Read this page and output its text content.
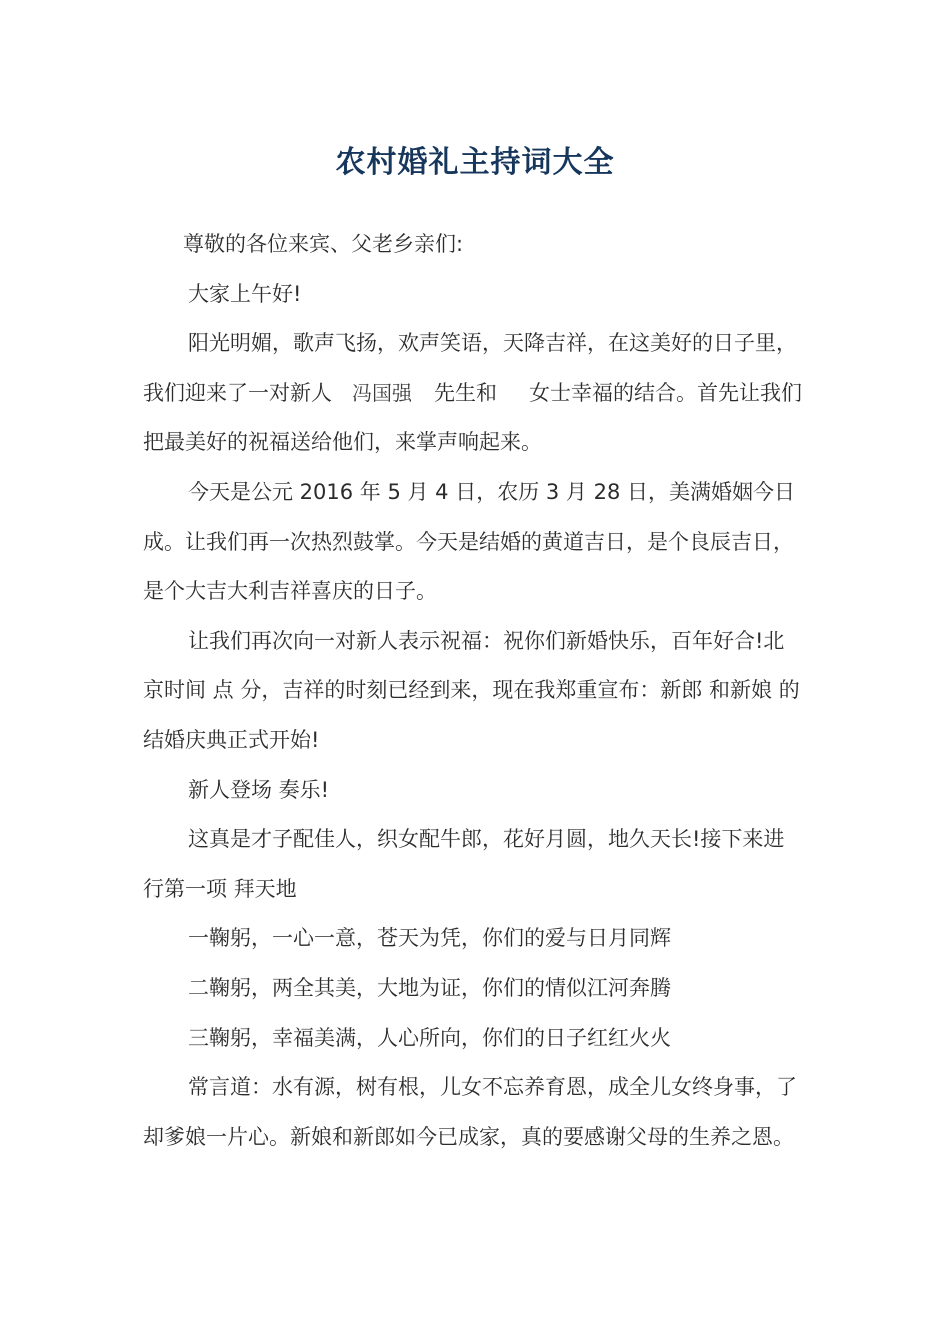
农村婚礼主持词大全

尊敬的各位来宾、父老乡亲们:

大家上午好!

阳光明媚，歌声飞扬，欢声笑语，天降吉祥，在这美好的日子里，我们迎来了一对新人 冯国强 先生和 女士幸福的结合。首先让我们把最美好的祝福送给他们，来掌声响起来。

今天是公元 2016 年 5 月 4 日，农历 3 月 28 日，美满婚姻今日成。让我们再一次热烈鼓掌。今天是结婚的黄道吉日，是个良辰吉日，是个大吉大利吉祥喜庆的日子。

让我们再次向一对新人表示祝福：祝你们新婚快乐，百年好合!北京时间 点 分，吉祥的时刻已经到来，现在我郑重宣布：新郎 和新娘 的结婚庆典正式开始!

新人登场 奏乐!

这真是才子配佳人，织女配牛郎，花好月圆，地久天长!接下来进行第一项 拜天地

一鞠躬，一心一意，苍天为凭，你们的爱与日月同辉

二鞠躬，两全其美，大地为证，你们的情似江河奔腾

三鞠躬，幸福美满，人心所向，你们的日子红红火火

常言道：水有源，树有根，儿女不忘养育恩，成全儿女终身事，了却爹娘一片心。新娘和新郎如今已成家，真的要感谢父母的生养之恩。
